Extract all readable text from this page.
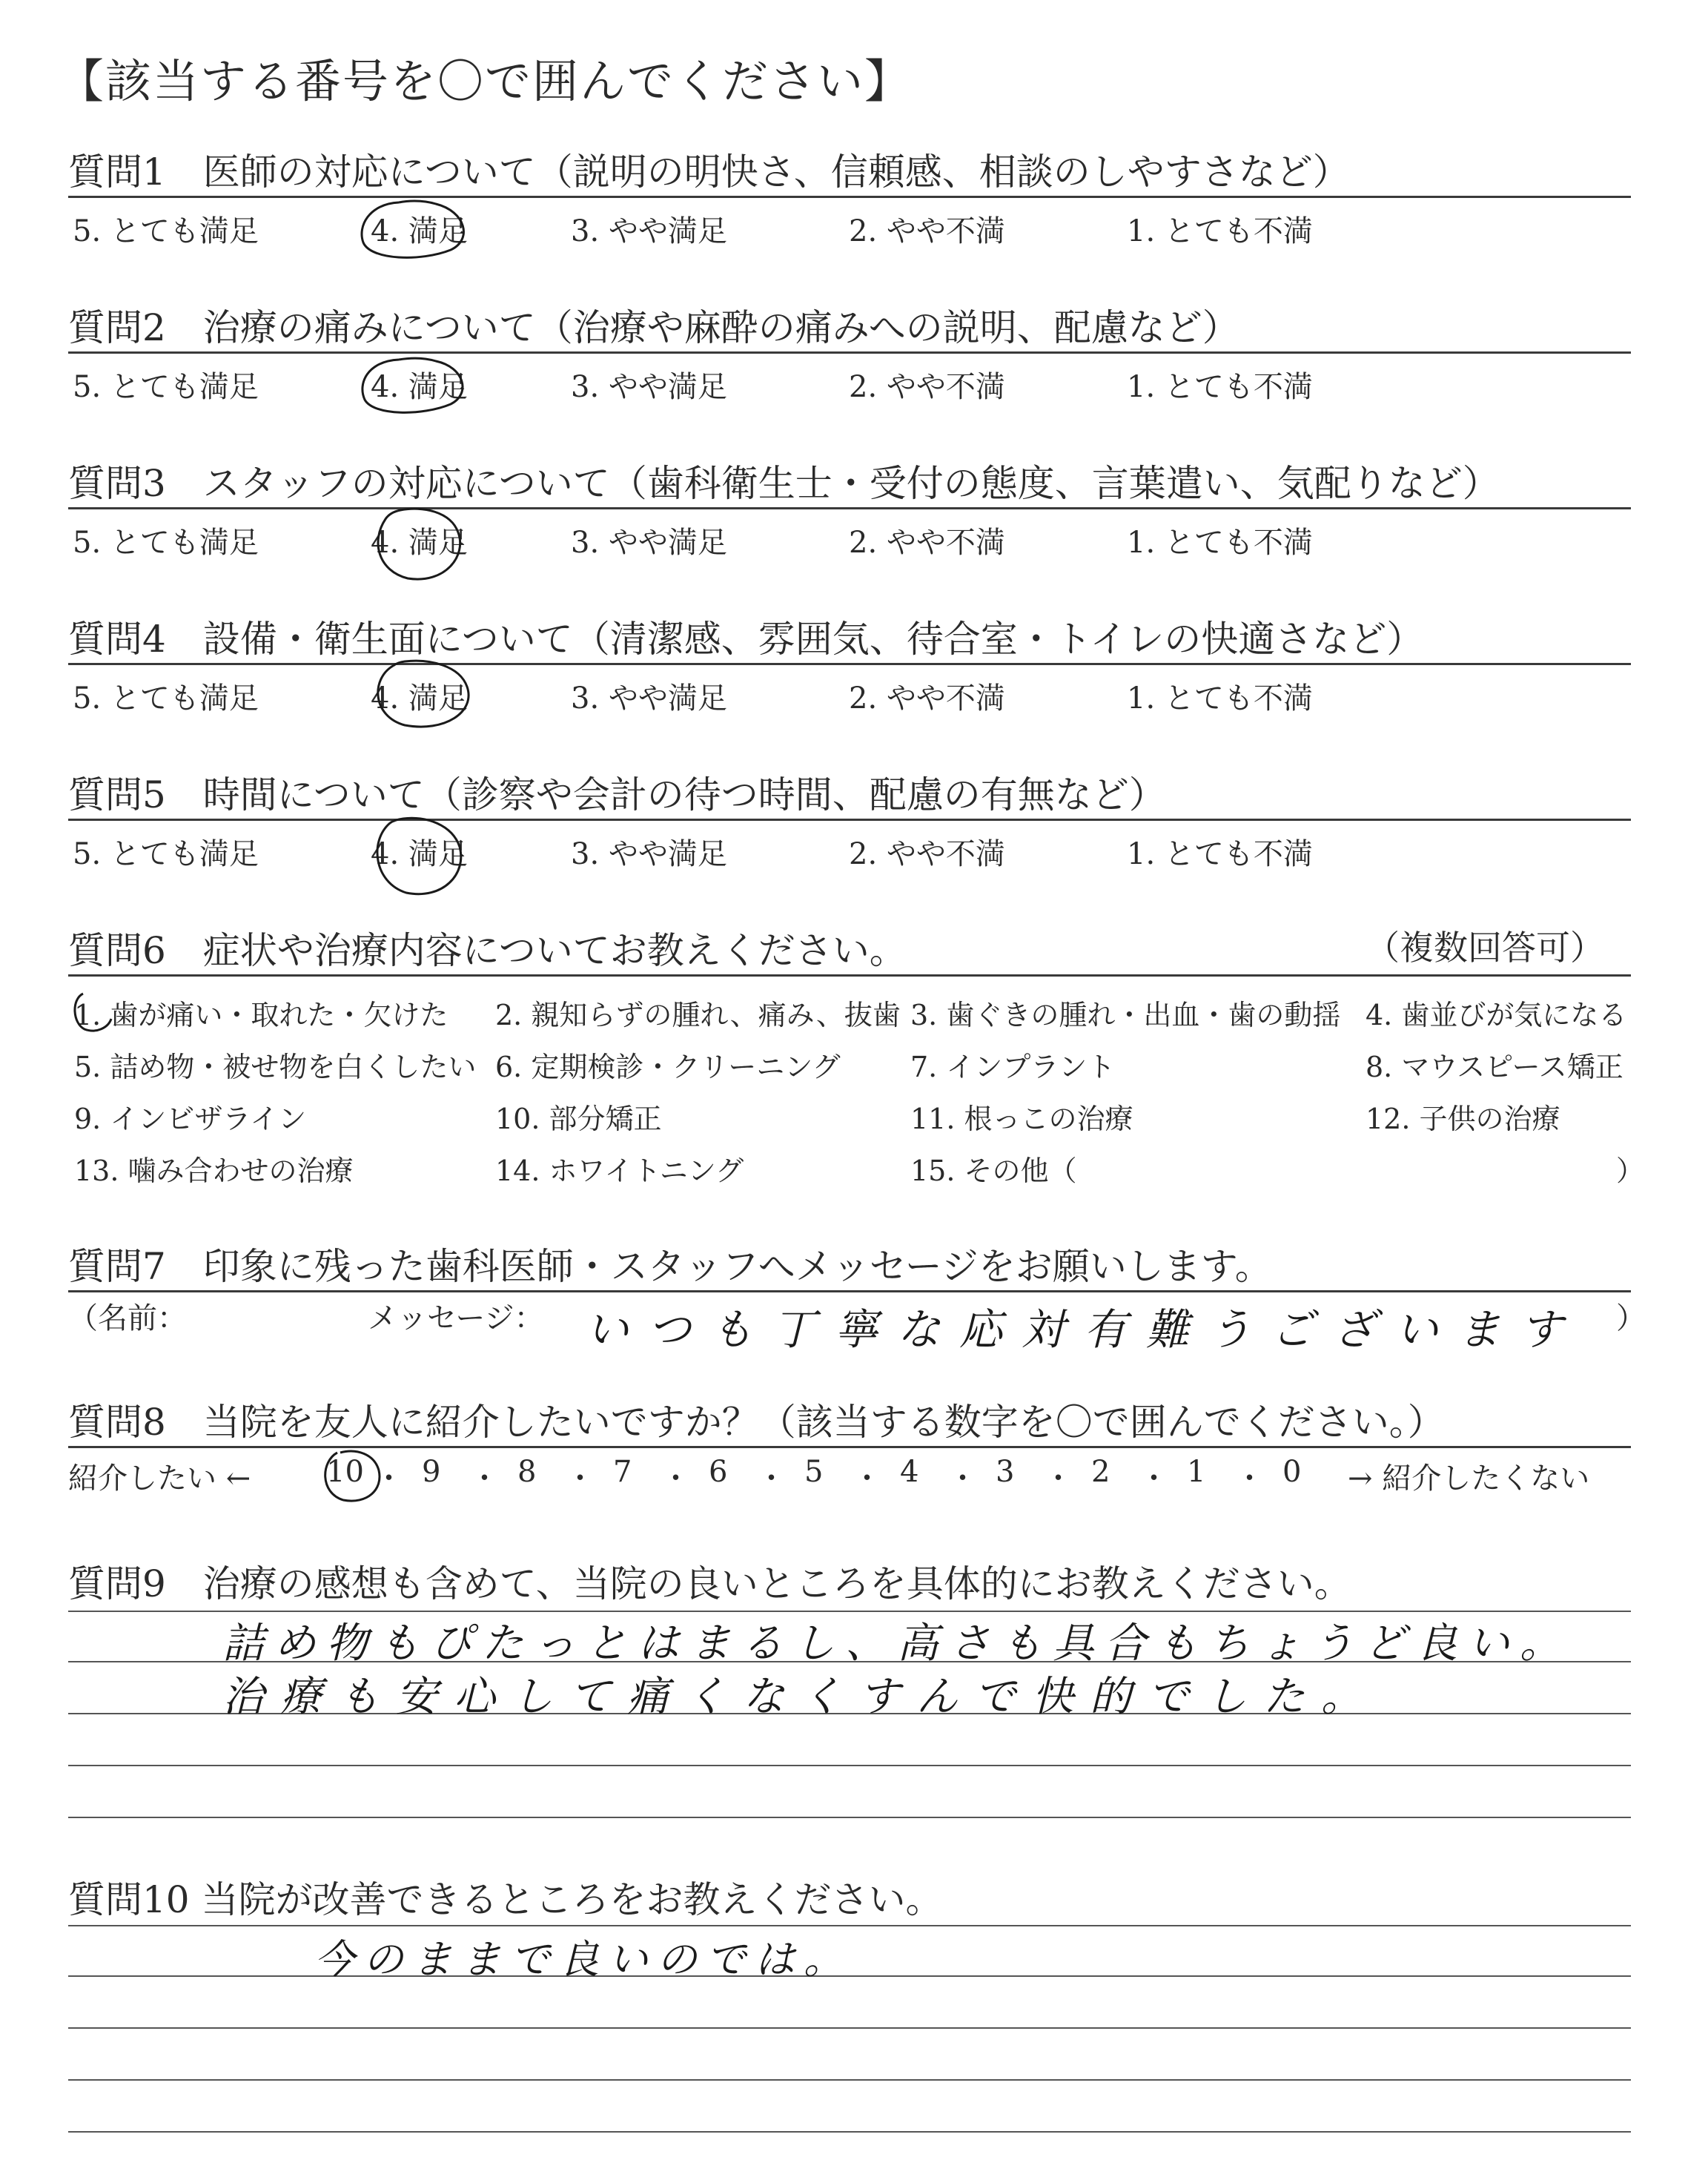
【該当する番号を〇で囲んでください】
質問1　医師の対応について（説明の明快さ、信頼感、相談のしやすさなど）
質問2　治療の痛みについて（治療や麻酔の痛みへの説明、配慮など）
質問3　スタッフの対応について（歯科衛生士・受付の態度、言葉遣い、気配りなど）
質問4　設備・衛生面について（清潔感、雰囲気、待合室・トイレの快適さなど）
質問5　時間について（診察や会計の待つ時間、配慮の有無など）
5. とても満足	4. 満足	3. やや満足	2. やや不満	1. とても不満
5. とても満足	4. 満足	3. やや満足	2. やや不満	1. とても不満
5. とても満足	4. 満足	3. やや満足	2. やや不満	1. とても不満
5. とても満足	4. 満足	3. やや満足	2. やや不満	1. とても不満
5. とても満足	4. 満足	3. やや満足	2. やや不満	1. とても不満
質問6　症状や治療内容についてお教えください。	（複数回答可）
1. 歯が痛い・取れた・欠けた 2. 親知らずの腫れ、痛み、抜歯 3. 歯ぐきの腫れ・出血・歯の動揺 4. 歯並びが気になる
5. 詰め物・被せ物を白くしたい 6. 定期検診・クリーニング 7. インプラント	8. マウスピース矯正
9. インビザライン	10. 部分矯正	11. 根っこの治療	12. 子供の治療
13. 噛み合わせの治療	14. ホワイトニング	15. その他（	）
質問7　印象に残った歯科医師・スタッフへメッセージをお願いします。
（名前：	メッセージ： いつも丁寧な応対有難うございます ）
質問8　当院を友人に紹介したいですか？（該当する数字を〇で囲んでください。）
紹介したい ←	→ 紹介したくない
10 ・ 9 ・ 8 ・ 7 ・ 6 ・ 5 ・ 4 ・ 3 ・ 2 ・ 1 ・ 0
質問9　治療の感想も含めて、当院の良いところを具体的にお教えください。
詰め物もぴたっとはまるし、高さも具合もちょうど良い。
治療も安心して痛くなくすんで快的でした。
質問10 当院が改善できるところをお教えください。
今のままで良いのでは。
